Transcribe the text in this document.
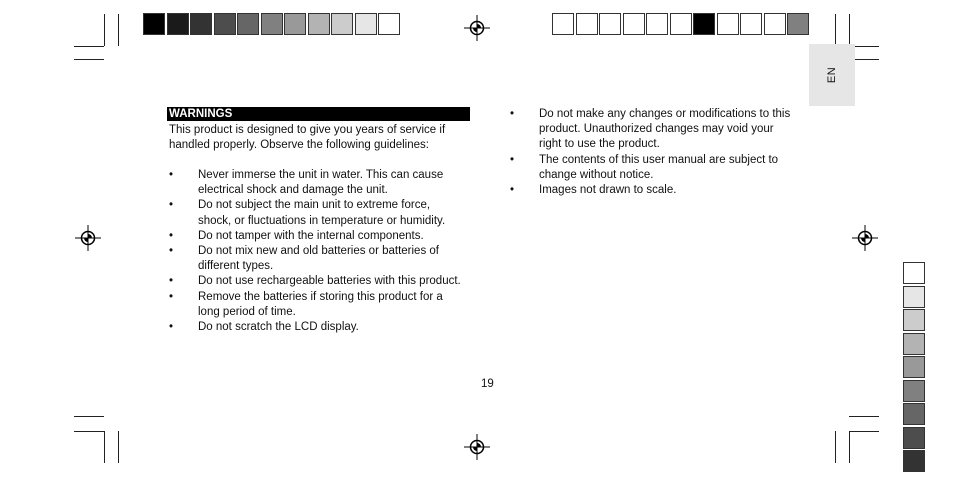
EN
WARNINGS
This product is designed to give you years of service if handled properly. Observe the following guidelines:
• Never immerse the unit in water. This can cause electrical shock and damage the unit.
• Do not subject the main unit to extreme force, shock, or fluctuations in temperature or humidity.
• Do not tamper with the internal components.
• Do not mix new and old batteries or batteries of different types.
• Do not use rechargeable batteries with this product.
• Remove the batteries if storing this product for a long period of time.
• Do not scratch the LCD display.
• Do not make any changes or modifications to this product. Unauthorized changes may void your right to use the product.
• The contents of this user manual are subject to change without notice.
• Images not drawn to scale.
19
